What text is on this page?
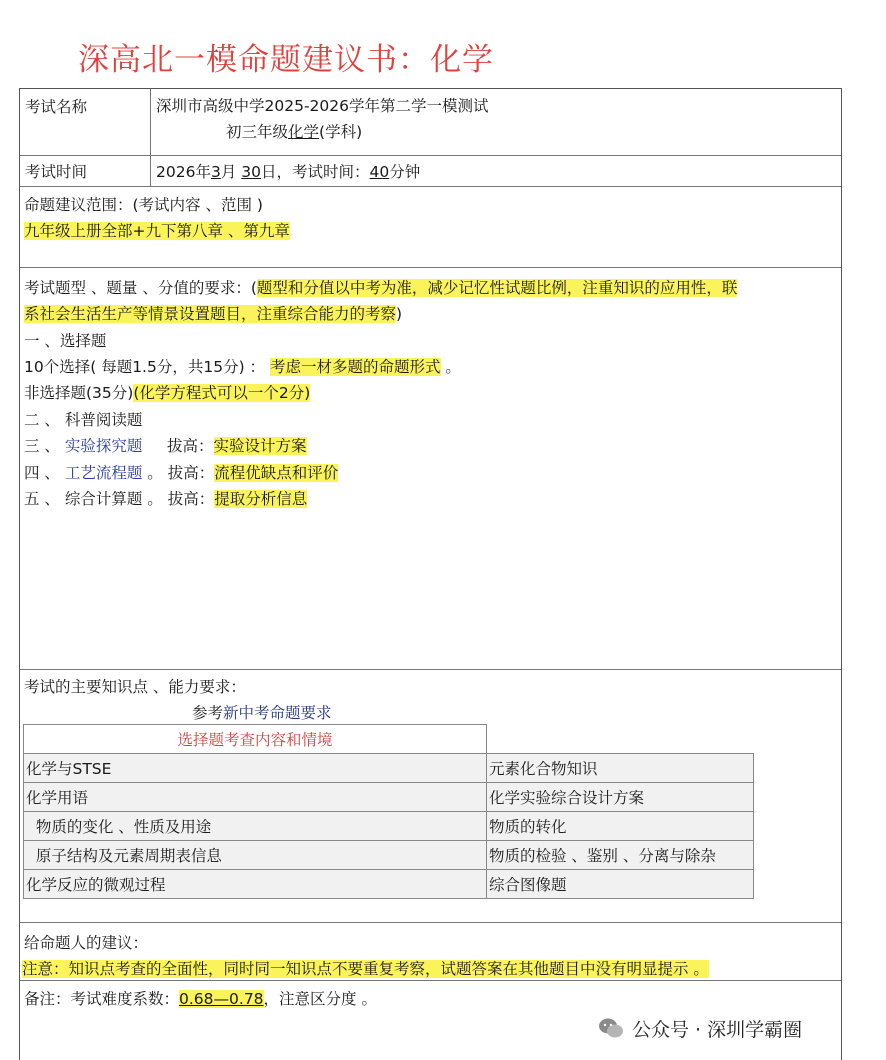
深高北一模命题建议书：化学
考试名称	深圳市高级中学2025-2026学年第二学一模测试
初三年级化学(学科)
考试时间	2026年3月 30日，考试时间：40分钟
命题建议范围：(考试内容 、范围 )
九年级上册全部+九下第八章 、第九章
考试题型 、题量 、分值的要求：(题型和分值以中考为准，减少记忆性试题比例，注重知识的应用性，联
系社会生活生产等情景设置题目，注重综合能力的考察)
一 、选择题
10个选择( 每题1.5分，共15分) ： 考虑一材多题的命题形式 。
非选择题(35分)(化学方程式可以一个2分)
二 、 科普阅读题
三 、 实验探究题     拔高：实验设计方案
四 、 工艺流程题 。 拔高：流程优缺点和评价
五 、 综合计算题 。 拔高：提取分析信息
考试的主要知识点 、能力要求：
参考新中考命题要求
选择题考查内容和情境	
化学与STSE	元素化合物知识
化学用语	化学实验综合设计方案
物质的变化 、性质及用途	物质的转化
原子结构及元素周期表信息	物质的检验 、鉴别 、分离与除杂
化学反应的微观过程	综合图像题
给命题人的建议：
注意：知识点考查的全面性，同时同一知识点不要重复考察，试题答案在其他题目中没有明显提示 。
备注：考试难度系数：0.68—0.78，注意区分度 。
公众号 · 深圳学霸圈
